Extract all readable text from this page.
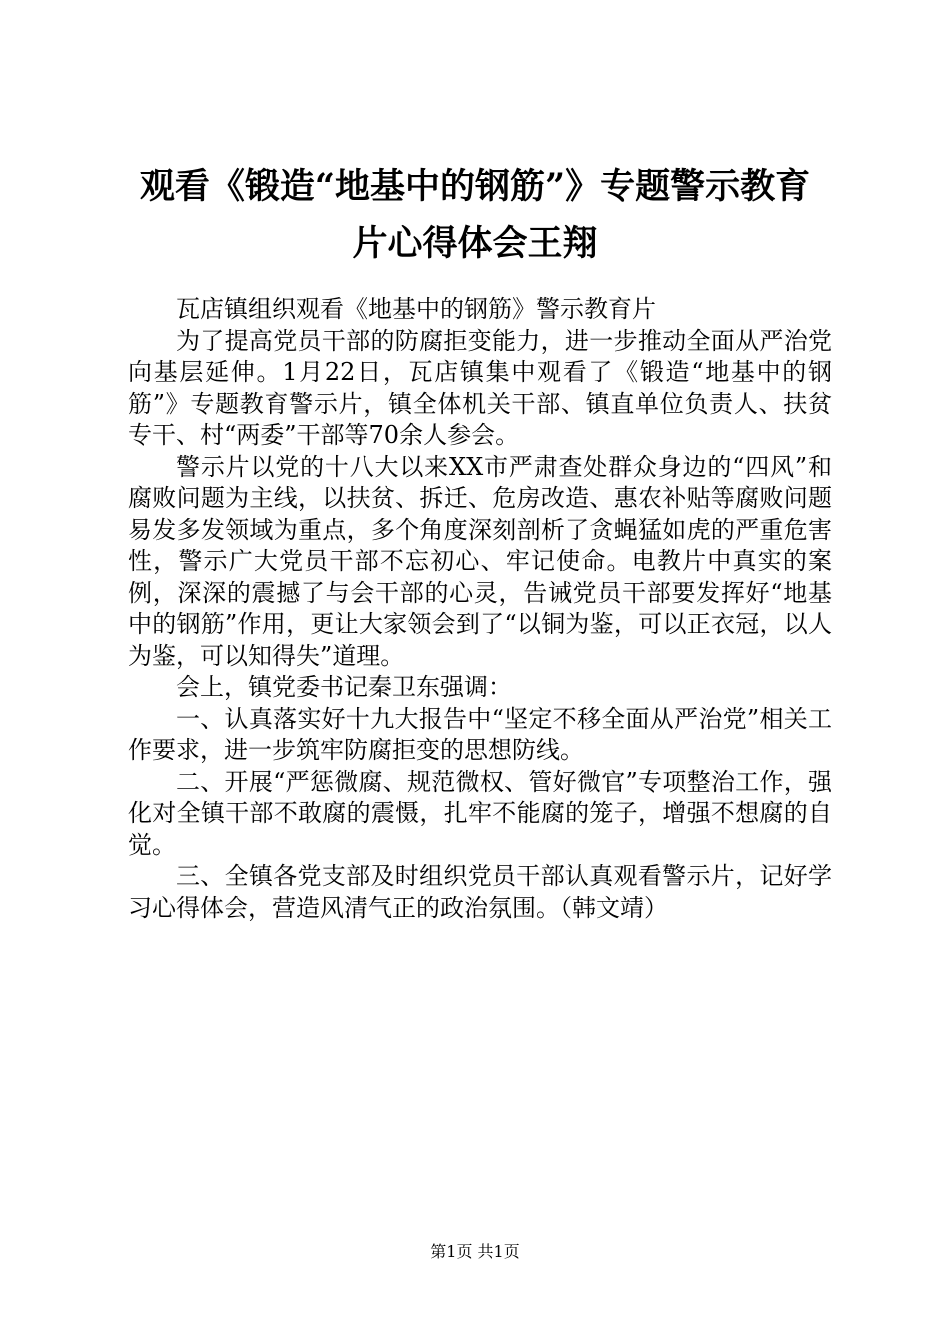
观看《锻造“地基中的钢筋”》专题警示教育
片心得体会王翔

瓦店镇组织观看《地基中的钢筋》警示教育片

为了提高党员干部的防腐拒变能力，进一步推动全面从严治党向基层延伸。1月22日，瓦店镇集中观看了《锻造“地基中的钢筋”》专题教育警示片，镇全体机关干部、镇直单位负责人、扶贫专干、村“两委”干部等70余人参会。

警示片以党的十八大以来XX市严肃查处群众身边的“四风”和腐败问题为主线，以扶贫、拆迁、危房改造、惠农补贴等腐败问题易发多发领域为重点，多个角度深刻剖析了贪蝇猛如虎的严重危害性，警示广大党员干部不忘初心、牢记使命。电教片中真实的案例，深深的震撼了与会干部的心灵，告诫党员干部要发挥好“地基中的钢筋”作用，更让大家领会到了“以铜为鉴，可以正衣冠，以人为鉴，可以知得失”道理。

会上，镇党委书记秦卫东强调：

一、认真落实好十九大报告中“坚定不移全面从严治党”相关工作要求，进一步筑牢防腐拒变的思想防线。

二、开展“严惩微腐、规范微权、管好微官”专项整治工作，强化对全镇干部不敢腐的震慑，扎牢不能腐的笼子，增强不想腐的自觉。

三、全镇各党支部及时组织党员干部认真观看警示片，记好学习心得体会，营造风清气正的政治氛围。（韩文靖）

第1页 共1页
